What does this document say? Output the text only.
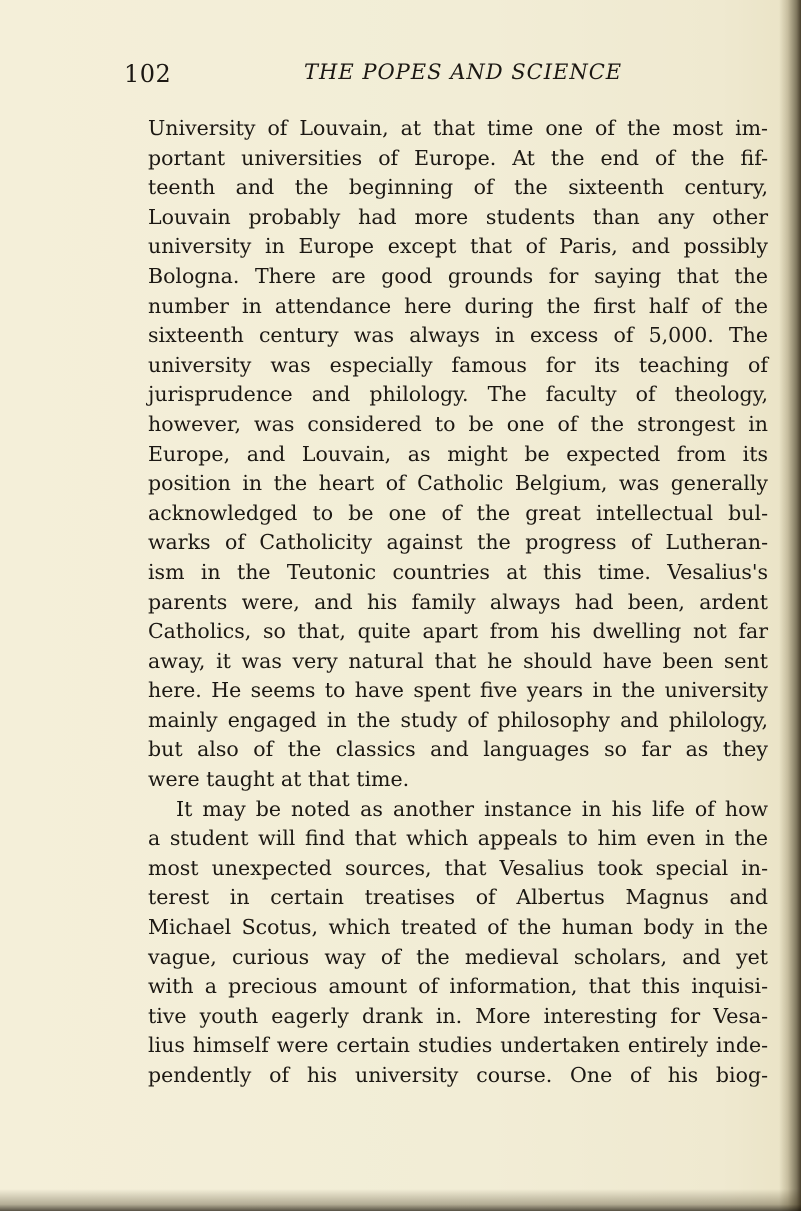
102	THE POPES AND SCIENCE
University of Louvain, at that time one of the most im-
portant universities of Europe. At the end of the fif-
teenth and the beginning of the sixteenth century,
Louvain probably had more students than any other
university in Europe except that of Paris, and possibly
Bologna. There are good grounds for saying that the
number in attendance here during the first half of the
sixteenth century was always in excess of 5,000. The
university was especially famous for its teaching of
jurisprudence and philology. The faculty of theology,
however, was considered to be one of the strongest in
Europe, and Louvain, as might be expected from its
position in the heart of Catholic Belgium, was generally
acknowledged to be one of the great intellectual bul-
warks of Catholicity against the progress of Lutheran-
ism in the Teutonic countries at this time. Vesalius's
parents were, and his family always had been, ardent
Catholics, so that, quite apart from his dwelling not far
away, it was very natural that he should have been sent
here. He seems to have spent five years in the university
mainly engaged in the study of philosophy and philology,
but also of the classics and languages so far as they
were taught at that time.
It may be noted as another instance in his life of how
a student will find that which appeals to him even in the
most unexpected sources, that Vesalius took special in-
terest in certain treatises of Albertus Magnus and
Michael Scotus, which treated of the human body in the
vague, curious way of the medieval scholars, and yet
with a precious amount of information, that this inquisi-
tive youth eagerly drank in. More interesting for Vesa-
lius himself were certain studies undertaken entirely inde-
pendently of his university course. One of his biog-
